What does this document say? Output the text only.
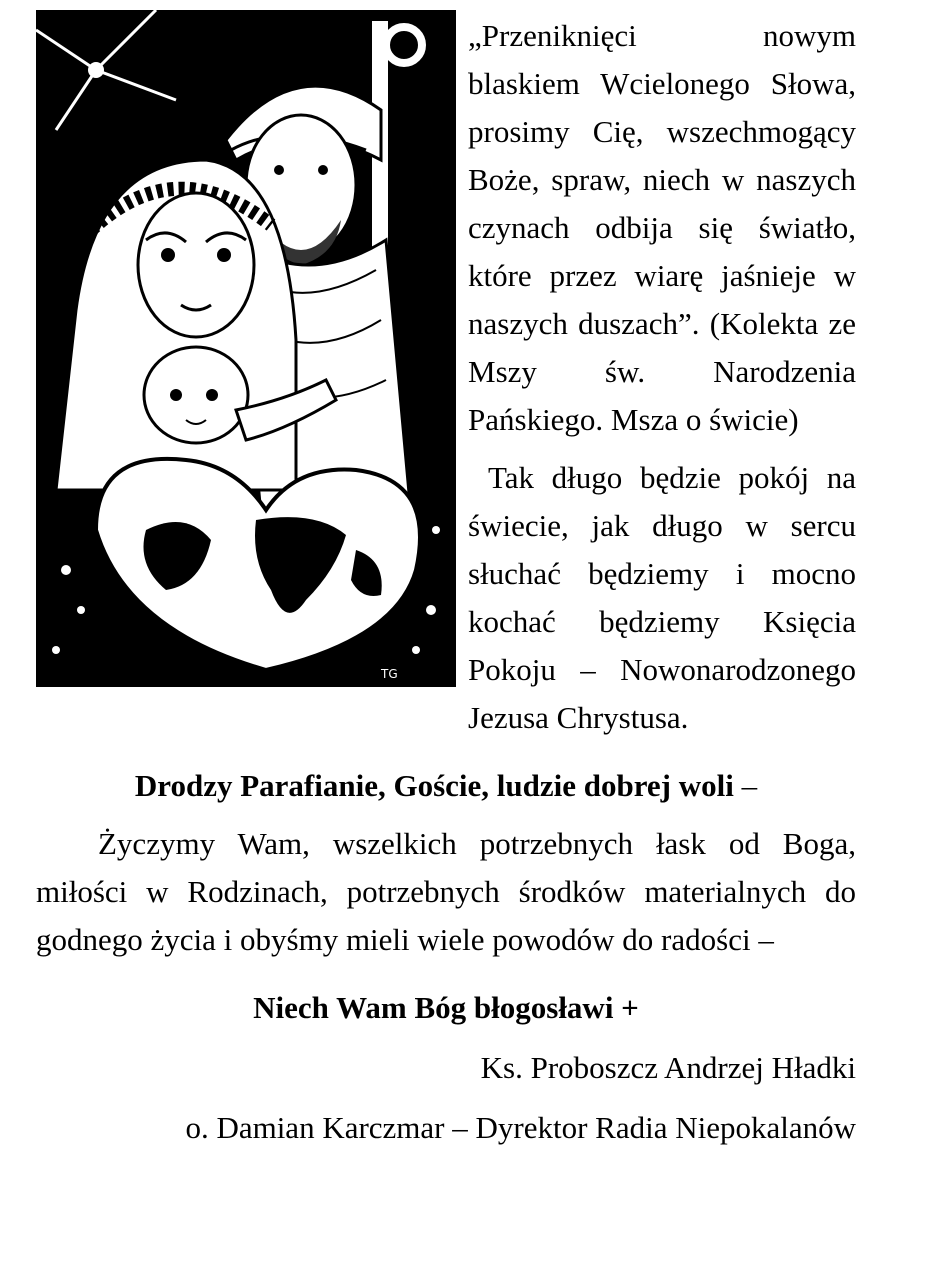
TG

„Przeniknięci nowym blaskiem Wcielonego Słowa, prosimy Cię, wszechmogący Boże, spraw, niech w naszych czynach odbija się światło, które przez wiarę jaśnieje w naszych duszach”. (Kolekta ze Mszy św. Narodzenia Pańskiego. Msza o świcie)

Tak długo będzie pokój na świecie, jak długo w sercu słuchać będziemy i mocno kochać będziemy Księcia Pokoju – Nowonarodzonego Jezusa Chrystusa.

Drodzy Parafianie, Goście, ludzie dobrej woli –

Życzymy Wam, wszelkich potrzebnych łask od Boga, miłości w Rodzinach, potrzebnych środków materialnych do godnego życia i obyśmy mieli wiele powodów do radości –

Niech Wam Bóg błogosławi +

Ks. Proboszcz Andrzej Hładki

o. Damian Karczmar – Dyrektor Radia Niepokalanów
